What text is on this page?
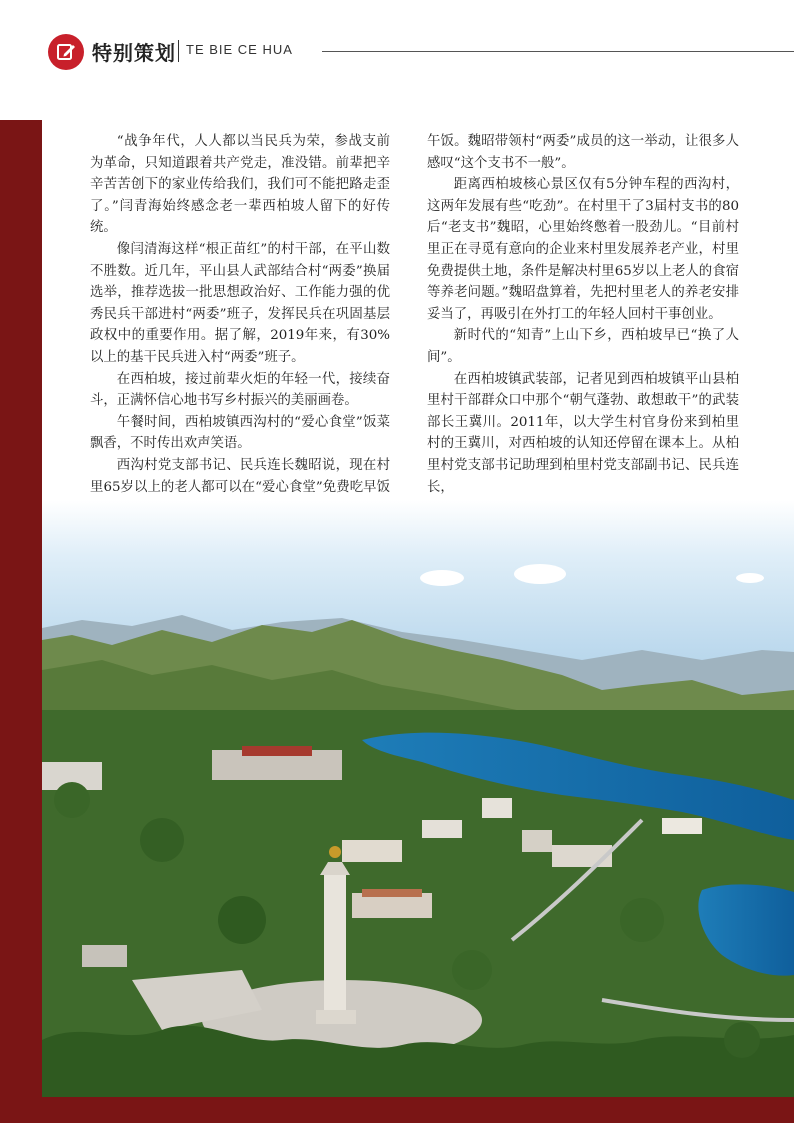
特别策划 TE BIE CE HUA

“战争年代，人人都以当民兵为荣，参战支前为革命，只知道跟着共产党走，准没错。前辈把辛辛苦苦创下的家业传给我们，我们可不能把路走歪了。”闫青海始终感念老一辈西柏坡人留下的好传统。

像闫清海这样“根正苗红”的村干部，在平山数不胜数。近几年，平山县人武部结合村“两委”换届选举，推荐选拔一批思想政治好、工作能力强的优秀民兵干部进村“两委”班子，发挥民兵在巩固基层政权中的重要作用。据了解，2019年来，有30%以上的基干民兵进入村“两委”班子。

在西柏坡，接过前辈火炬的年轻一代，接续奋斗，正满怀信心地书写乡村振兴的美丽画卷。

午餐时间，西柏坡镇西沟村的“爱心食堂”饭菜飘香，不时传出欢声笑语。

西沟村党支部书记、民兵连长魏昭说，现在村里65岁以上的老人都可以在“爱心食堂”免费吃早饭

午饭。魏昭带领村“两委”成员的这一举动，让很多人感叹“这个支书不一般”。

距离西柏坡核心景区仅有5分钟车程的西沟村，这两年发展有些“吃劲”。在村里干了3届村支书的80后“老支书”魏昭，心里始终憋着一股劲儿。“目前村里正在寻觅有意向的企业来村里发展养老产业，村里免费提供土地，条件是解决村里65岁以上老人的食宿等养老问题。”魏昭盘算着，先把村里老人的养老安排妥当了，再吸引在外打工的年轻人回村干事创业。

新时代的“知青”上山下乡，西柏坡早已“换了人间”。

在西柏坡镇武装部，记者见到西柏坡镇平山县柏里村干部群众口中那个“朝气蓬勃、敢想敢干”的武装部长王冀川。2011年，以大学生村官身份来到柏里村的王冀川，对西柏坡的认知还停留在课本上。从柏里村党支部书记助理到柏里村党支部副书记、民兵连长，
